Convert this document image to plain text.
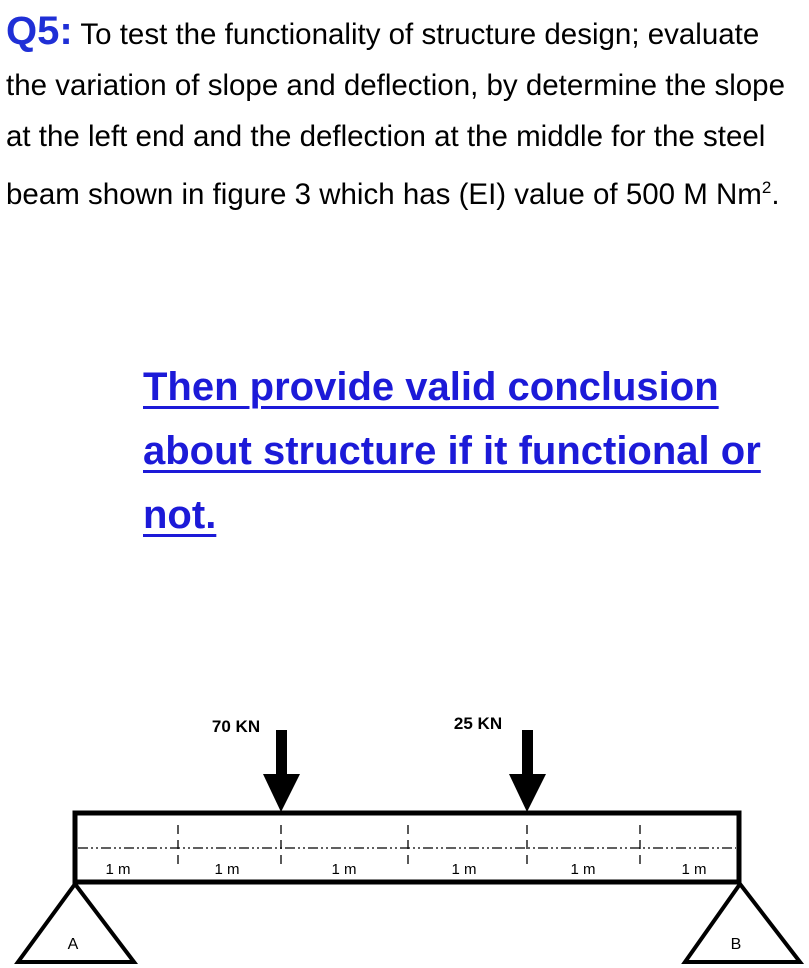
Q5: To test the functionality of structure design; evaluate the variation of slope and deflection, by determine the slope at the left end and the deflection at the middle for the steel beam shown in figure 3 which has (EI) value of 500 M Nm$^2$.
Then provide valid conclusion about structure if it functional or not.
1 m	1 m	1 m	1 m	1 m	1 m
70 KN	25 KN
A	B
